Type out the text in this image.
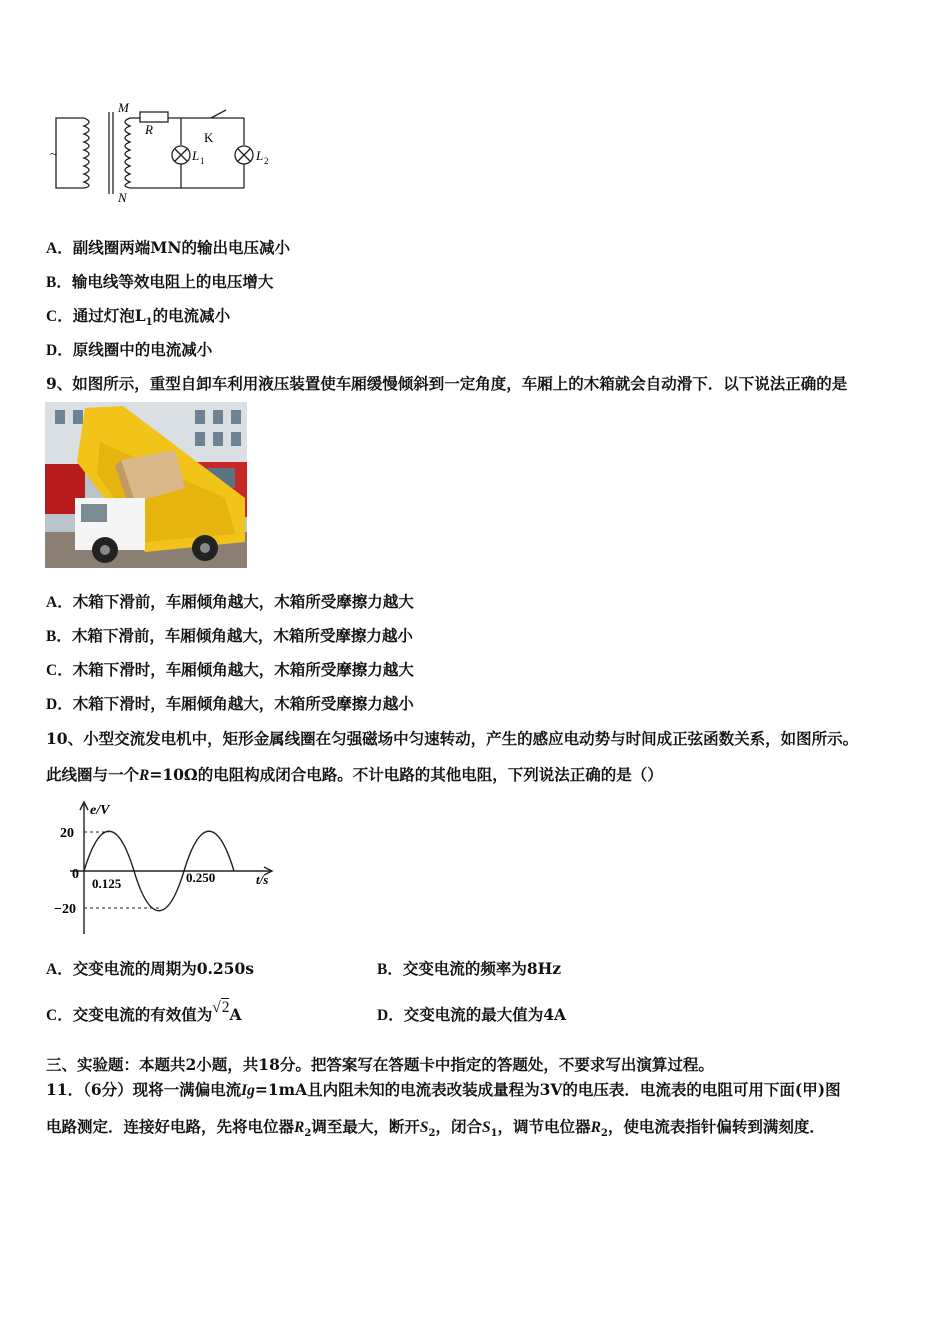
~
M
N
R
K
L 1	L 2
A．副线圈两端MN的输出电压减小
B．输电线等效电阻上的电压增大
C．通过灯泡$L_1$的电流减小
D．原线圈中的电流减小
9、如图所示，重型自卸车利用液压装置使车厢缓慢倾斜到一定角度，车厢上的木箱就会自动滑下．以下说法正确的是
A．木箱下滑前，车厢倾角越大，木箱所受摩擦力越大
B．木箱下滑前，车厢倾角越大，木箱所受摩擦力越小
C．木箱下滑时，车厢倾角越大，木箱所受摩擦力越大
D．木箱下滑时，车厢倾角越大，木箱所受摩擦力越小
10、小型交流发电机中，矩形金属线圈在匀强磁场中匀速转动，产生的感应电动势与时间成正弦函数关系，如图所示。
此线圈与一个R=10Ω的电阻构成闭合电路。不计电路的其他电阻，下列说法正确的是（）
e/V
t/s
20
−20
0
0.125	0.250
A．交变电流的周期为0.250s	B．交变电流的频率为8Hz
C．交变电流的有效值为√2A	D．交变电流的最大值为4A
三、实验题：本题共2小题，共18分。把答案写在答题卡中指定的答题处，不要求写出演算过程。
11．（6分）现将一满偏电流Ig=1mA且内阻未知的电流表改装成量程为3V的电压表．电流表的电阻可用下面(甲)图
电路测定．连接好电路，先将电位器$R_2$调至最大，断开$S_2$，闭合$S_1$，调节电位器$R_2$，使电流表指针偏转到满刻度．
